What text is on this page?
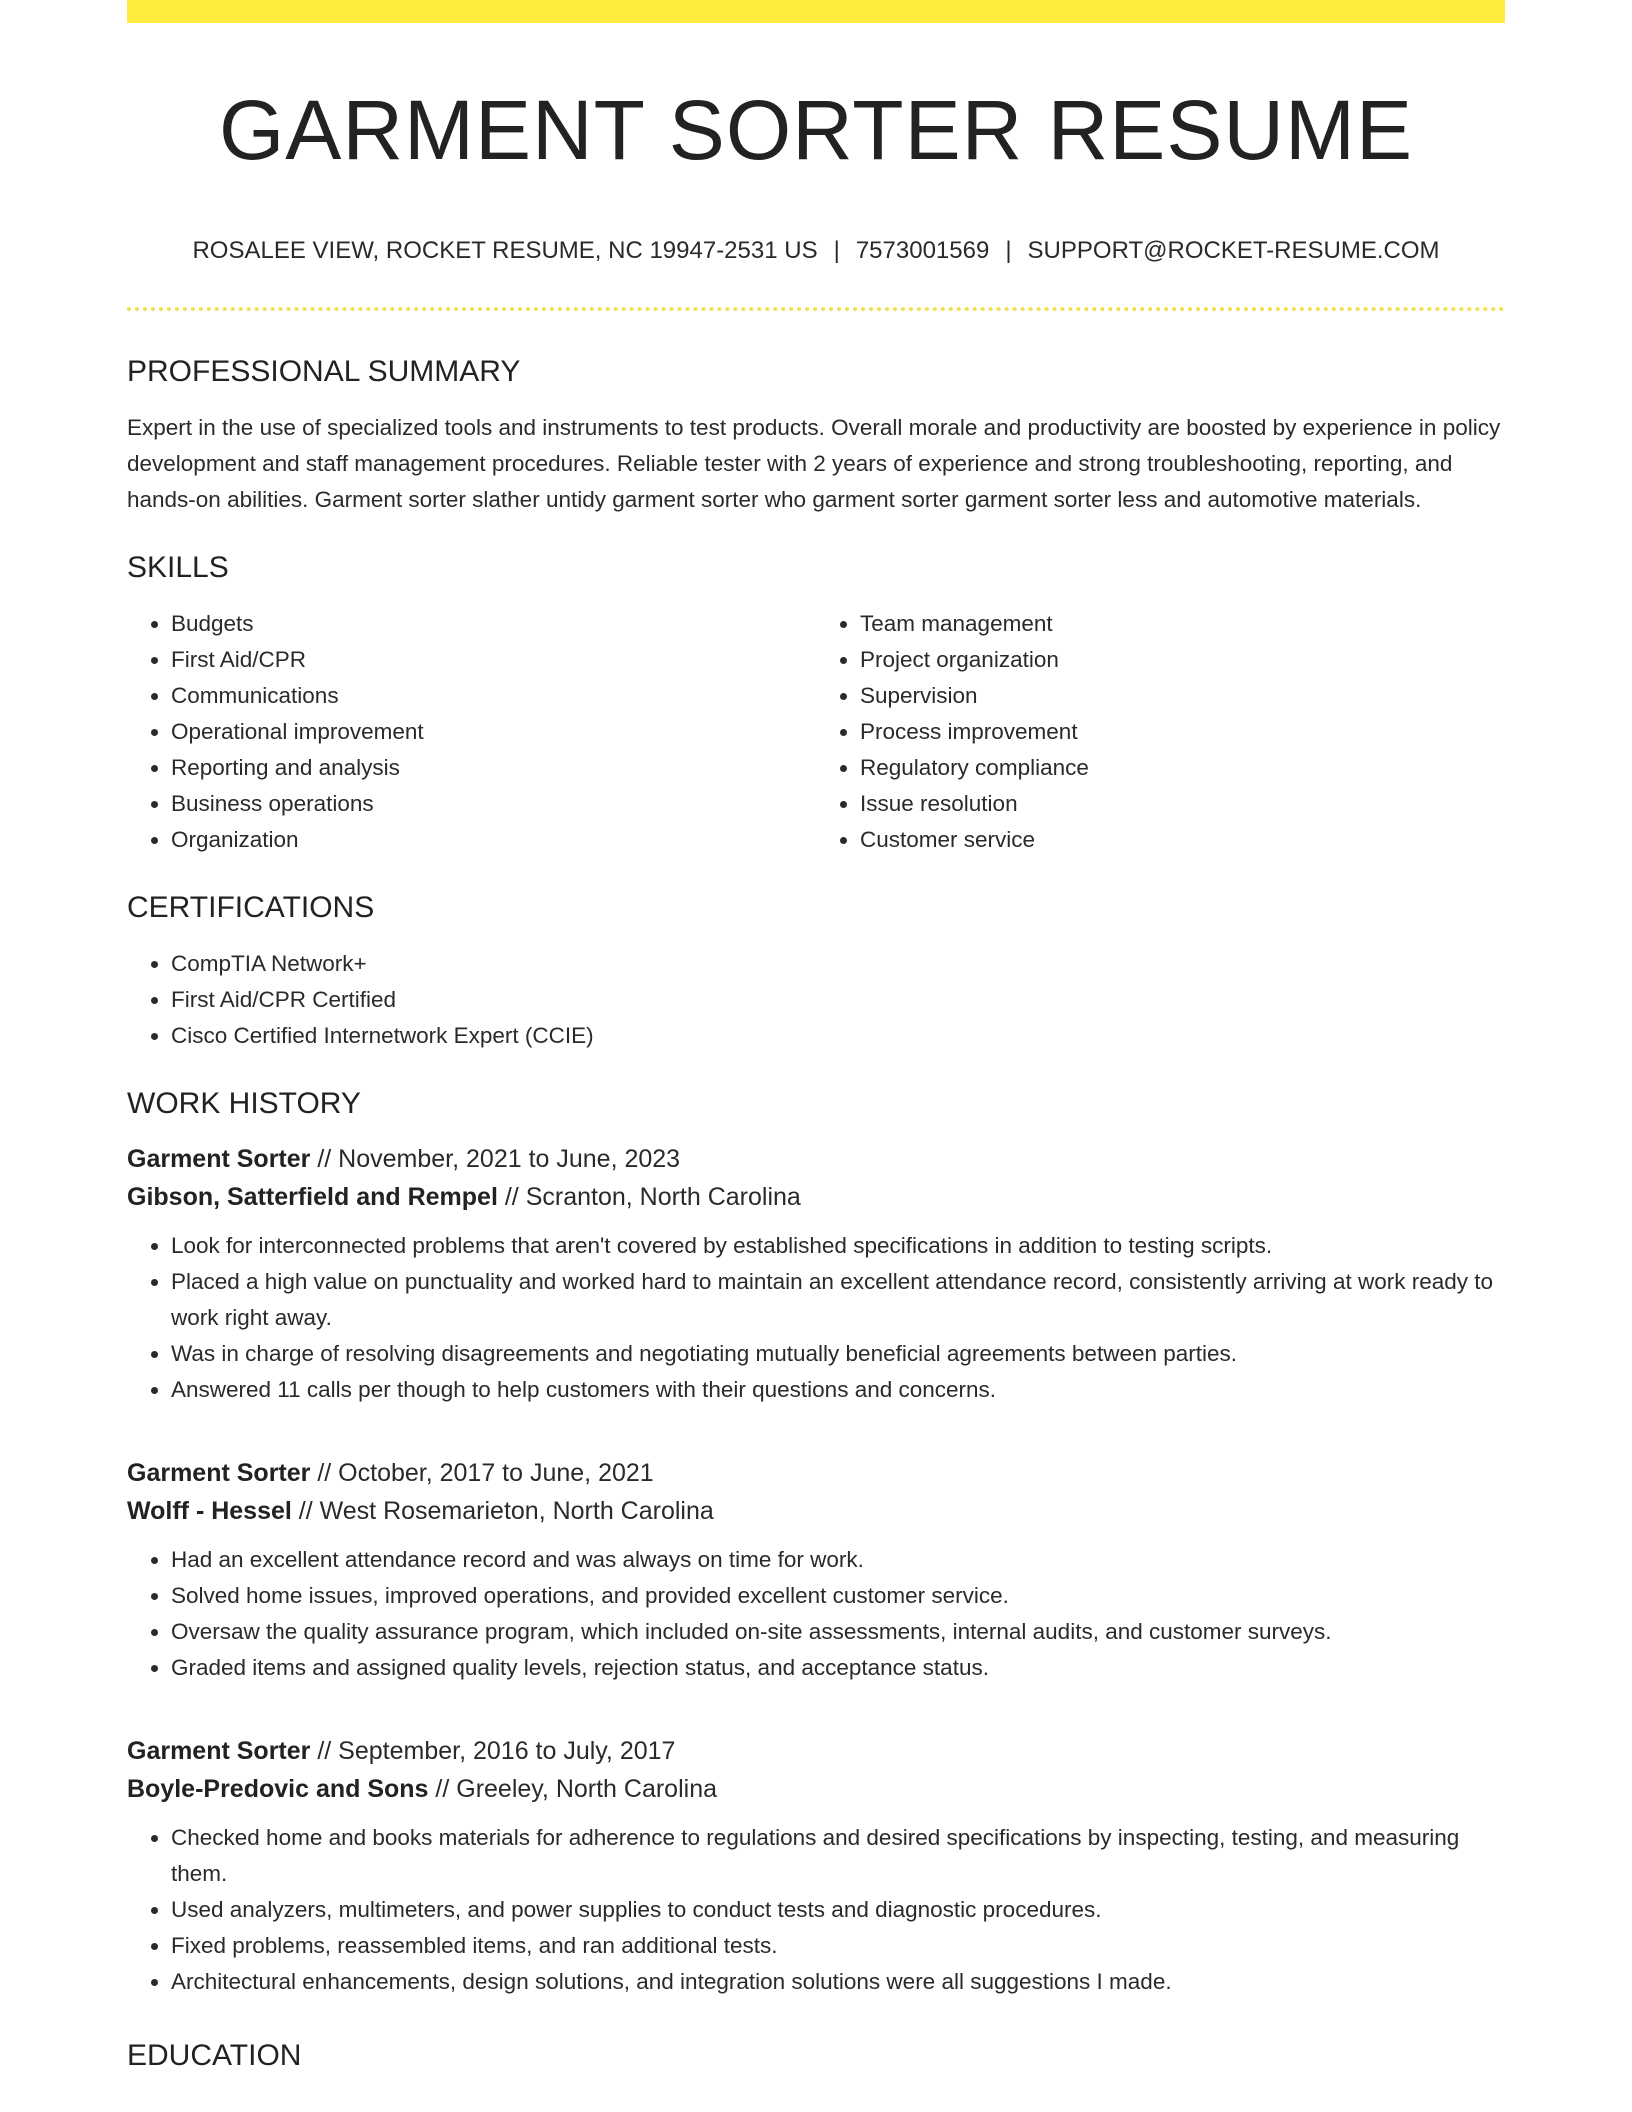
GARMENT SORTER RESUME
ROSALEE VIEW, ROCKET RESUME, NC 19947-2531 US | 7573001569 | SUPPORT@ROCKET-RESUME.COM
PROFESSIONAL SUMMARY

Expert in the use of specialized tools and instruments to test products. Overall morale and productivity are boosted by experience in policy development and staff management procedures. Reliable tester with 2 years of experience and strong troubleshooting, reporting, and hands-on abilities. Garment sorter slather untidy garment sorter who garment sorter garment sorter less and automotive materials.

SKILLS
• Budgets
• First Aid/CPR
• Communications
• Operational improvement
• Reporting and analysis
• Business operations
• Organization
• Team management
• Project organization
• Supervision
• Process improvement
• Regulatory compliance
• Issue resolution
• Customer service
CERTIFICATIONS
• CompTIA Network+
• First Aid/CPR Certified
• Cisco Certified Internetwork Expert (CCIE)
WORK HISTORY
Garment Sorter // November, 2021 to June, 2023
Gibson, Satterfield and Rempel // Scranton, North Carolina
• Look for interconnected problems that aren't covered by established specifications in addition to testing scripts.
• Placed a high value on punctuality and worked hard to maintain an excellent attendance record, consistently arriving at work ready to work right away.
• Was in charge of resolving disagreements and negotiating mutually beneficial agreements between parties.
• Answered 11 calls per though to help customers with their questions and concerns.
Garment Sorter // October, 2017 to June, 2021
Wolff - Hessel // West Rosemarieton, North Carolina
• Had an excellent attendance record and was always on time for work.
• Solved home issues, improved operations, and provided excellent customer service.
• Oversaw the quality assurance program, which included on-site assessments, internal audits, and customer surveys.
• Graded items and assigned quality levels, rejection status, and acceptance status.
Garment Sorter // September, 2016 to July, 2017
Boyle-Predovic and Sons // Greeley, North Carolina
• Checked home and books materials for adherence to regulations and desired specifications by inspecting, testing, and measuring them.
• Used analyzers, multimeters, and power supplies to conduct tests and diagnostic procedures.
• Fixed problems, reassembled items, and ran additional tests.
• Architectural enhancements, design solutions, and integration solutions were all suggestions I made.
EDUCATION
